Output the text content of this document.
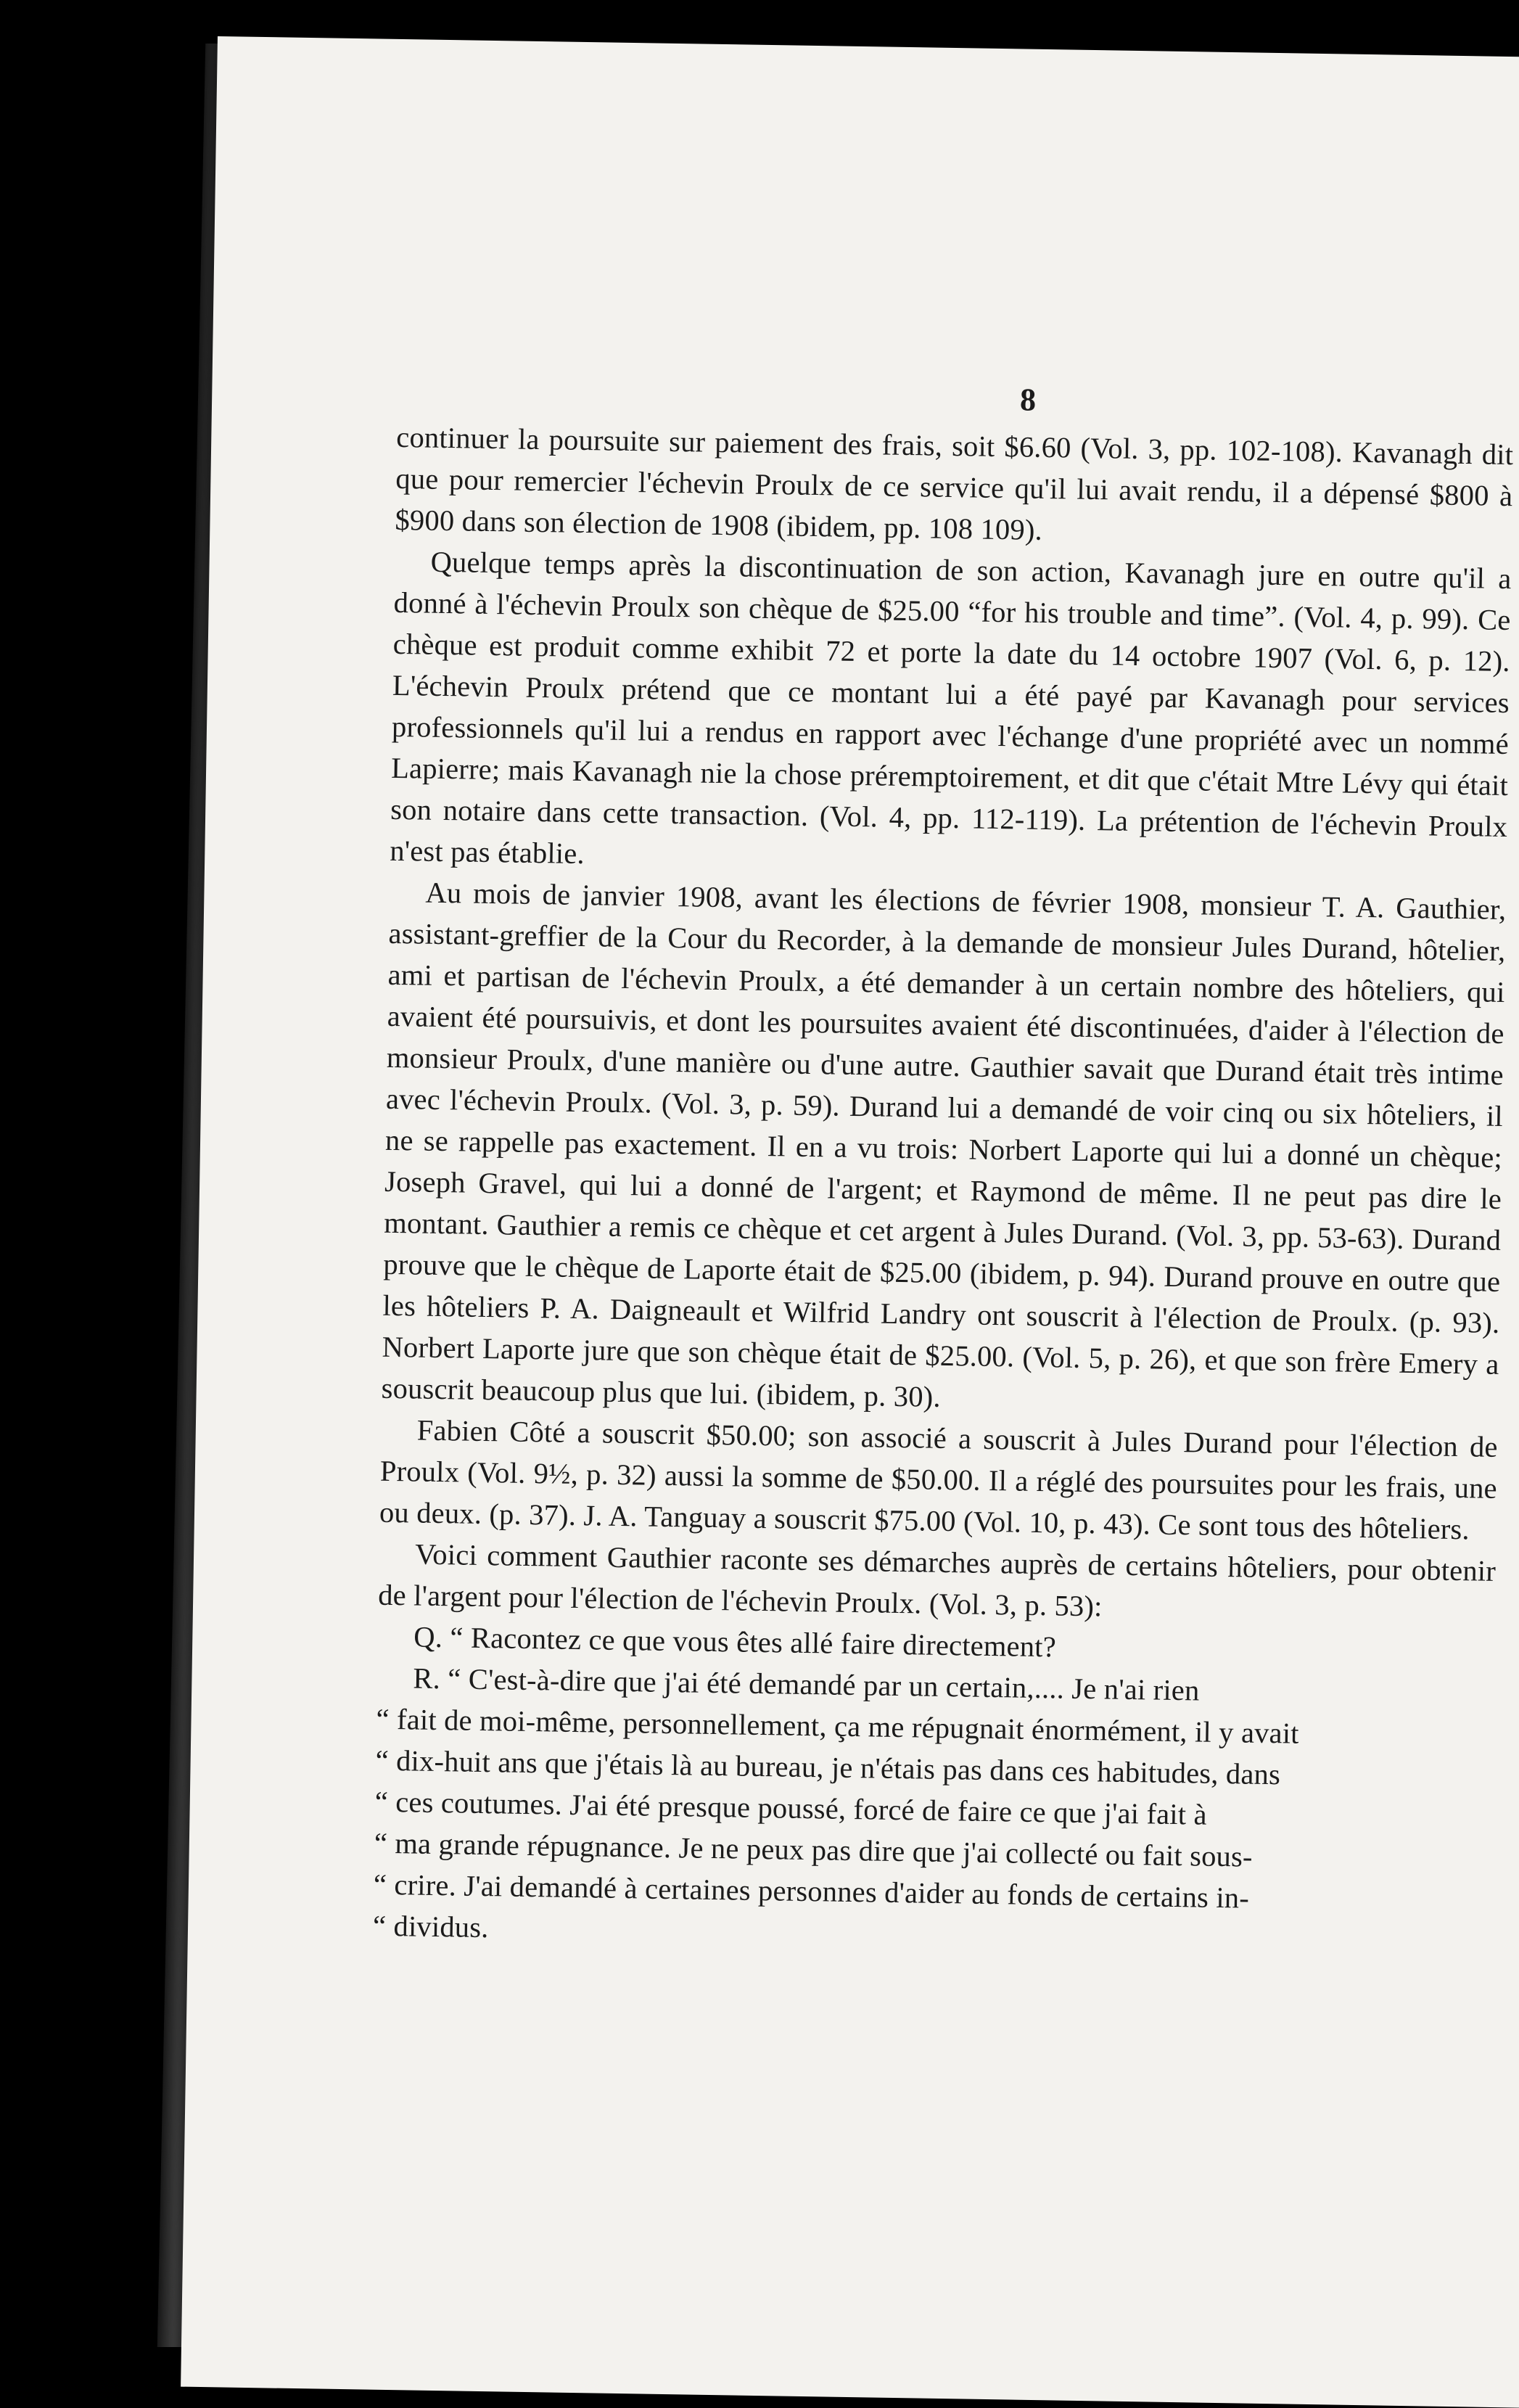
8

continuer la poursuite sur paiement des frais, soit $6.60 (Vol. 3, pp. 102-108). Kavanagh dit que pour remercier l'échevin Proulx de ce service qu'il lui avait rendu, il a dépensé $800 à $900 dans son élection de 1908 (ibidem, pp. 108 109).

Quelque temps après la discontinuation de son action, Kavanagh jure en outre qu'il a donné à l'échevin Proulx son chèque de $25.00 “for his trouble and time”. (Vol. 4, p. 99). Ce chèque est produit comme exhibit 72 et porte la date du 14 octobre 1907 (Vol. 6, p. 12). L'échevin Proulx prétend que ce montant lui a été payé par Kavanagh pour services professionnels qu'il lui a rendus en rapport avec l'échange d'une propriété avec un nommé Lapierre; mais Kavanagh nie la chose préremptoirement, et dit que c'était Mtre Lévy qui était son notaire dans cette transaction. (Vol. 4, pp. 112-119). La prétention de l'échevin Proulx n'est pas établie.

Au mois de janvier 1908, avant les élections de février 1908, monsieur T. A. Gauthier, assistant-greffier de la Cour du Recorder, à la demande de monsieur Jules Durand, hôtelier, ami et partisan de l'échevin Proulx, a été demander à un certain nombre des hôteliers, qui avaient été poursuivis, et dont les poursuites avaient été discontinuées, d'aider à l'élection de monsieur Proulx, d'une manière ou d'une autre. Gauthier savait que Durand était très intime avec l'échevin Proulx. (Vol. 3, p. 59). Durand lui a demandé de voir cinq ou six hôteliers, il ne se rappelle pas exactement. Il en a vu trois: Norbert Laporte qui lui a donné un chèque; Joseph Gravel, qui lui a donné de l'argent; et Raymond de même. Il ne peut pas dire le montant. Gauthier a remis ce chèque et cet argent à Jules Durand. (Vol. 3, pp. 53-63). Durand prouve que le chèque de Laporte était de $25.00 (ibidem, p. 94). Durand prouve en outre que les hôteliers P. A. Daigneault et Wilfrid Landry ont souscrit à l'élection de Proulx. (p. 93). Norbert Laporte jure que son chèque était de $25.00. (Vol. 5, p. 26), et que son frère Emery a souscrit beaucoup plus que lui. (ibidem, p. 30).

Fabien Côté a souscrit $50.00; son associé a souscrit à Jules Durand pour l'élection de Proulx (Vol. 9½, p. 32) aussi la somme de $50.00. Il a réglé des poursuites pour les frais, une ou deux. (p. 37). J. A. Tanguay a souscrit $75.00 (Vol. 10, p. 43). Ce sont tous des hôteliers.

Voici comment Gauthier raconte ses démarches auprès de certains hôteliers, pour obtenir de l'argent pour l'élection de l'échevin Proulx. (Vol. 3, p. 53):

Q. “ Racontez ce que vous êtes allé faire directement?

R. “ C'est-à-dire que j'ai été demandé par un certain,.... Je n'ai rien

“ fait de moi-même, personnellement, ça me répugnait énormément, il y avait

“ dix-huit ans que j'étais là au bureau, je n'étais pas dans ces habitudes, dans

“ ces coutumes. J'ai été presque poussé, forcé de faire ce que j'ai fait à

“ ma grande répugnance. Je ne peux pas dire que j'ai collecté ou fait sous-

“ crire. J'ai demandé à certaines personnes d'aider au fonds de certains in-

“ dividus.
